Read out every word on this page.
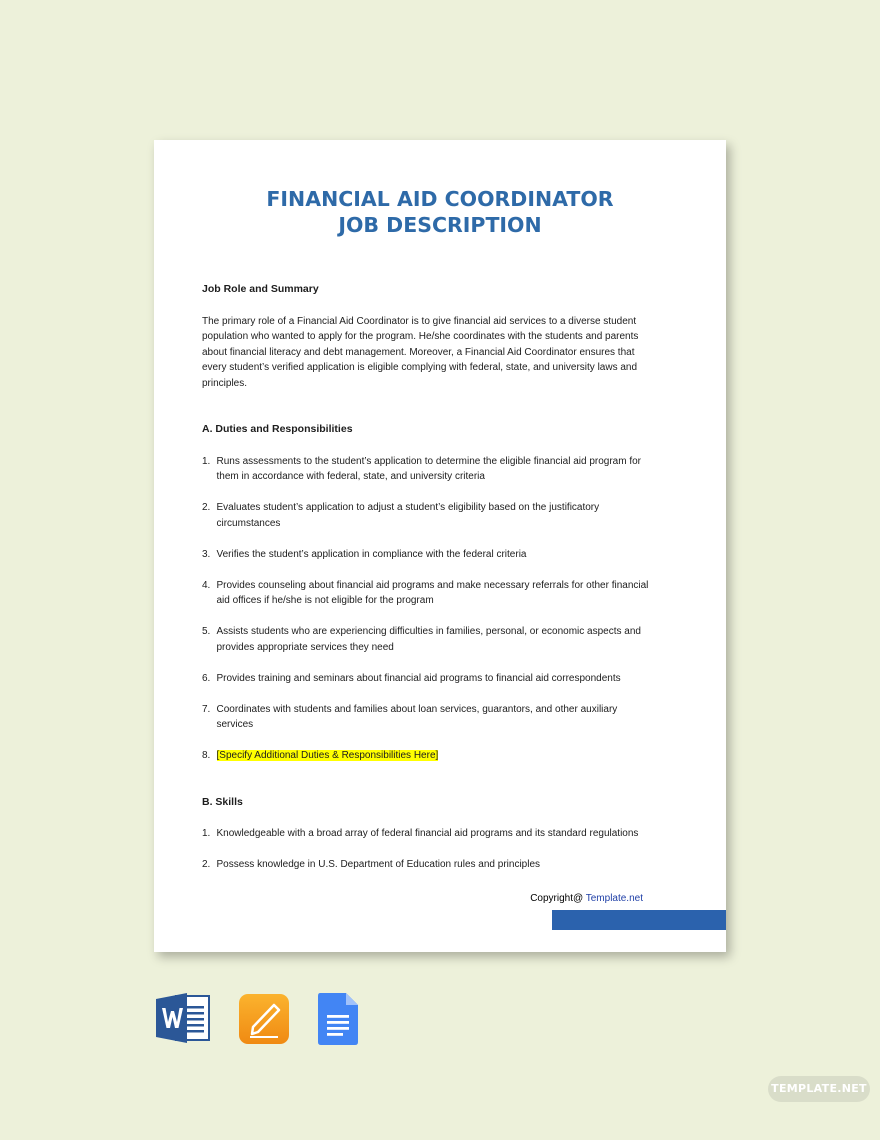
FINANCIAL AID COORDINATOR
JOB DESCRIPTION

Job Role and Summary

The primary role of a Financial Aid Coordinator is to give financial aid services to a diverse student population who wanted to apply for the program. He/she coordinates with the students and parents about financial literacy and debt management. Moreover, a Financial Aid Coordinator ensures that every student’s verified application is eligible complying with federal, state, and university laws and principles.

A. Duties and Responsibilities

1. Runs assessments to the student’s application to determine the eligible financial aid program for them in accordance with federal, state, and university criteria
2. Evaluates student’s application to adjust a student’s eligibility based on the justificatory circumstances
3. Verifies the student’s application in compliance with the federal criteria
4. Provides counseling about financial aid programs and make necessary referrals for other financial aid offices if he/she is not eligible for the program
5. Assists students who are experiencing difficulties in families, personal, or economic aspects and provides appropriate services they need
6. Provides training and seminars about financial aid programs to financial aid correspondents
7. Coordinates with students and families about loan services, guarantors, and other auxiliary services
8. [Specify Additional Duties & Responsibilities Here]

B. Skills

1. Knowledgeable with a broad array of federal financial aid programs and its standard regulations
2. Possess knowledge in U.S. Department of Education rules and principles
Copyright@ Template.net
TEMPLATE.NET
